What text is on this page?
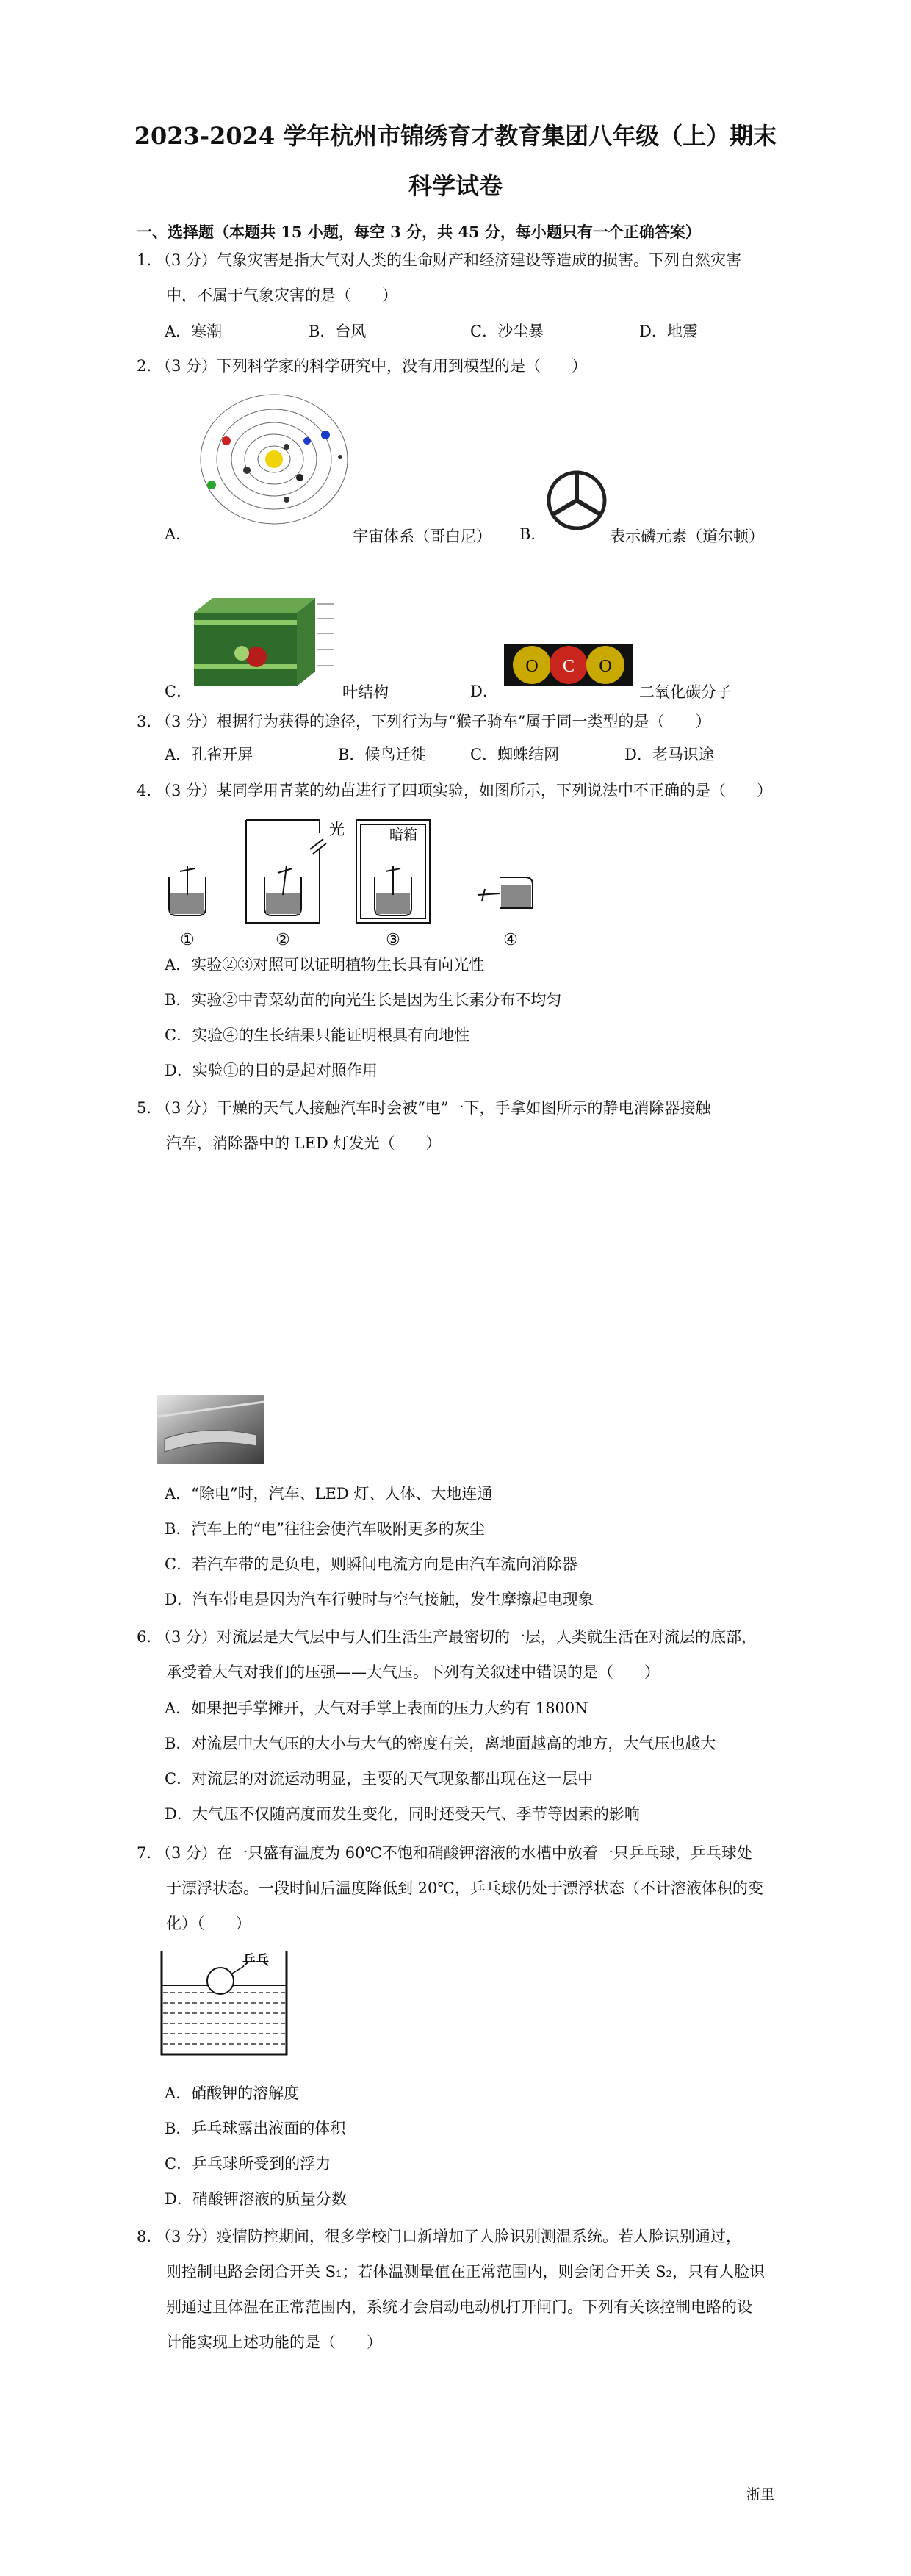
2023-2024 学年杭州市锦绣育才教育集团八年级（上）期末
科学试卷
一、选择题（本题共 15 小题，每空 3 分，共 45 分，每小题只有一个正确答案）
1．（3 分）气象灾害是指大气对人类的生命财产和经济建设等造成的损害。下列自然灾害
中，不属于气象灾害的是（　　）
A．寒潮	B．台风	C．沙尘暴	D．地震
2．（3 分）下列科学家的科学研究中，没有用到模型的是（　　）
A．	宇宙体系（哥白尼） B．	表示磷元素（道尔顿）
C．	叶结构	D．
O C O
二氧化碳分子
3．（3 分）根据行为获得的途径，下列行为与“猴子骑车”属于同一类型的是（　　）
A．孔雀开屏	B．候鸟迁徙	C．蜘蛛结网	D．老马识途
4．（3 分）某同学用青菜的幼苗进行了四项实验，如图所示，下列说法中不正确的是（　　）
①	②	③	④
光	暗箱
A．实验②③对照可以证明植物生长具有向光性
B．实验②中青菜幼苗的向光生长是因为生长素分布不均匀
C．实验④的生长结果只能证明根具有向地性
D．实验①的目的是起对照作用
5．（3 分）干燥的天气人接触汽车时会被“电”一下，手拿如图所示的静电消除器接触
汽车，消除器中的 LED 灯发光（　　）
A．“除电”时，汽车、LED 灯、人体、大地连通
B．汽车上的“电”往往会使汽车吸附更多的灰尘
C．若汽车带的是负电，则瞬间电流方向是由汽车流向消除器
D．汽车带电是因为汽车行驶时与空气接触，发生摩擦起电现象
6．（3 分）对流层是大气层中与人们生活生产最密切的一层，人类就生活在对流层的底部，
承受着大气对我们的压强——大气压。下列有关叙述中错误的是（　　）
A．如果把手掌摊开，大气对手掌上表面的压力大约有 1800N
B．对流层中大气压的大小与大气的密度有关，离地面越高的地方，大气压也越大
C．对流层的对流运动明显，主要的天气现象都出现在这一层中
D．大气压不仅随高度而发生变化，同时还受天气、季节等因素的影响
7．（3 分）在一只盛有温度为 60℃不饱和硝酸钾溶液的水槽中放着一只乒乓球，乒乓球处
于漂浮状态。一段时间后温度降低到 20℃，乒乓球仍处于漂浮状态（不计溶液体积的变
化）（　　）
乒乓
A．硝酸钾的溶解度
B．乒乓球露出液面的体积
C．乒乓球所受到的浮力
D．硝酸钾溶液的质量分数
8．（3 分）疫情防控期间，很多学校门口新增加了人脸识别测温系统。若人脸识别通过，
则控制电路会闭合开关 S₁；若体温测量值在正常范围内，则会闭合开关 S₂，只有人脸识
别通过且体温在正常范围内，系统才会启动电动机打开闸门。下列有关该控制电路的设
计能实现上述功能的是（　　）
浙里
